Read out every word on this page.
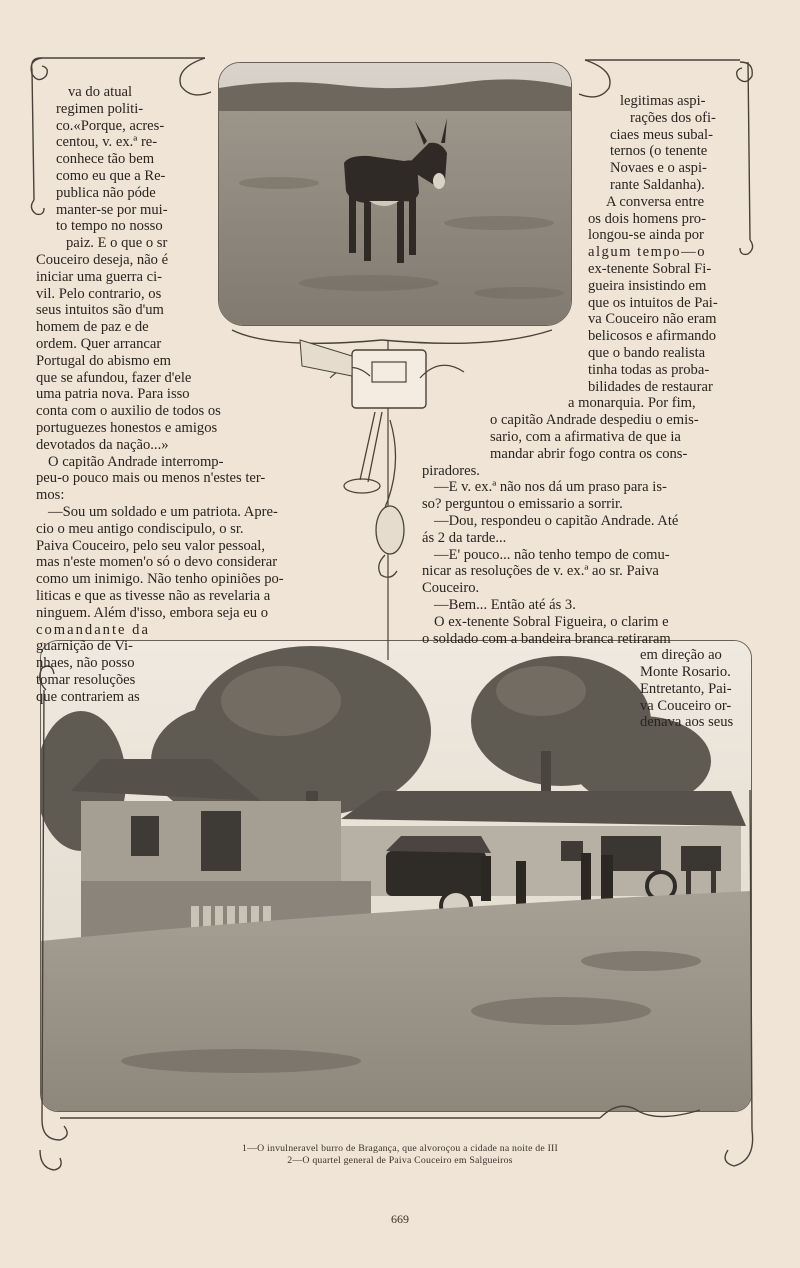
va do atual
regimen politi-
co.«Porque, acres-
centou, v. ex.ª re-
conhece tão bem
como eu que a Re-
publica não póde
manter-se por mui-
to tempo no nosso
paiz. E o que o sr
Couceiro deseja, não é
iniciar uma guerra ci-
vil. Pelo contrario, os
seus intuitos são d'um
homem de paz e de
ordem. Quer arrancar
Portugal do abismo em
que se afundou, fazer d'ele
uma patria nova. Para isso
conta com o auxilio de todos os
portuguezes honestos e amigos
devotados da nação...»
O capitão Andrade interromp-
peu-o pouco mais ou menos n'estes ter-
mos:
—Sou um soldado e um patriota. Apre-
cio o meu antigo condiscipulo, o sr.
Paiva Couceiro, pelo seu valor pessoal,
mas n'este momen'o só o devo considerar
como um inimigo. Não tenho opiniões po-
liticas e que as tivesse não as revelaria a
ninguem. Além d'isso, embora seja eu o
comandante da
guarnição de Vi-
nhaes, não posso
tomar resoluções
que contrariem as
legitimas aspi-
rações dos ofi-
ciaes meus subal-
ternos (o tenente
Novaes e o aspi-
rante Saldanha).
A conversa entre
os dois homens pro-
longou-se ainda por
algum tempo—o
ex-tenente Sobral Fi-
gueira insistindo em
que os intuitos de Pai-
va Couceiro não eram
belicosos e afirmando
que o bando realista
tinha todas as proba-
bilidades de restaurar
a monarquia. Por fim,
o capitão Andrade despediu o emis-
sario, com a afirmativa de que ia
mandar abrir fogo contra os cons-
piradores.
—E v. ex.ª não nos dá um praso para is-
so? perguntou o emissario a sorrir.
—Dou, respondeu o capitão Andrade. Até
ás 2 da tarde...
—E' pouco... não tenho tempo de comu-
nicar as resoluções de v. ex.ª ao sr. Paiva
Couceiro.
—Bem... Então até ás 3.
O ex-tenente Sobral Figueira, o clarim e
o soldado com a bandeira branca retiraram
em direção ao
Monte Rosario.
Entretanto, Pai-
va Couceiro or-
denava aos seus
1—O invulneravel burro de Bragança, que alvoroçou a cidade na noite de III
2—O quartel general de Paiva Couceiro em Salgueiros
669
